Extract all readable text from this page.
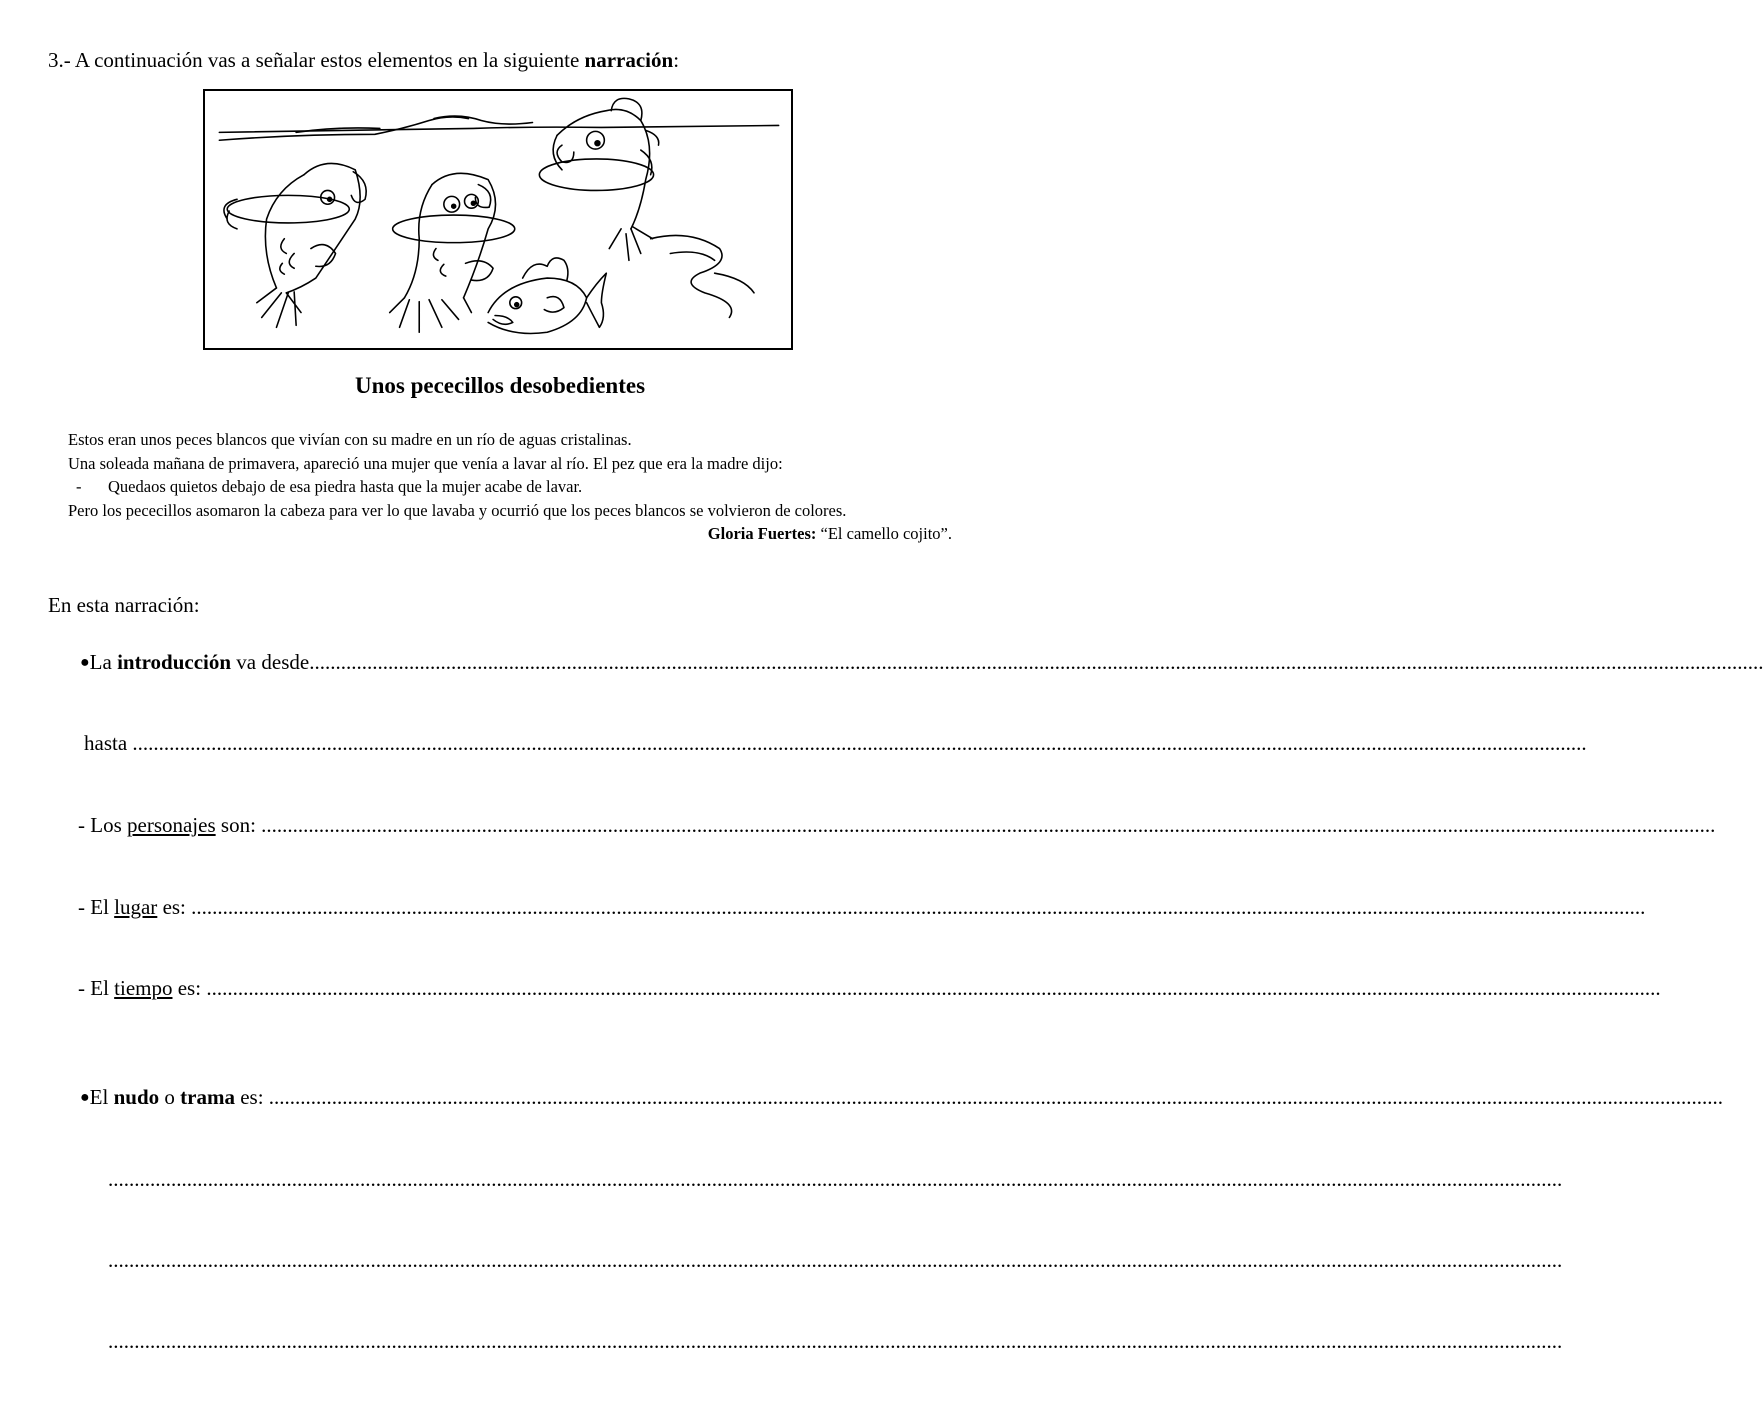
3.- A continuación vas a señalar estos elementos en la siguiente narración:
Unos pececillos desobedientes

Estos eran unos peces blancos que vivían con su madre en un río de aguas cristalinas.

Una soleada mañana de primavera, apareció una mujer que venía a lavar al río. El pez que era la madre dijo:

- Quedaos quietos debajo de esa piedra hasta que la mujer acabe de lavar.

Pero los pececillos asomaron la cabeza para ver lo que lavaba y ocurrió que los peces blancos se volvieron de colores.

Gloria Fuertes: “El camello cojito”.

En esta narración:
● La
introducción
va desde .....................................................................................................................................................................................................................................................................................
hasta
.....................................................................................................................................................................................................................................................................................
- Los
personajes
son:
.....................................................................................................................................................................................................................................................................................
- El
lugar
es:
.....................................................................................................................................................................................................................................................................................
- El
tiempo
es:
.....................................................................................................................................................................................................................................................................................
● El
nudo
o
trama
es:
.....................................................................................................................................................................................................................................................................................
.....................................................................................................................................................................................................................................................................................
.....................................................................................................................................................................................................................................................................................
.....................................................................................................................................................................................................................................................................................
